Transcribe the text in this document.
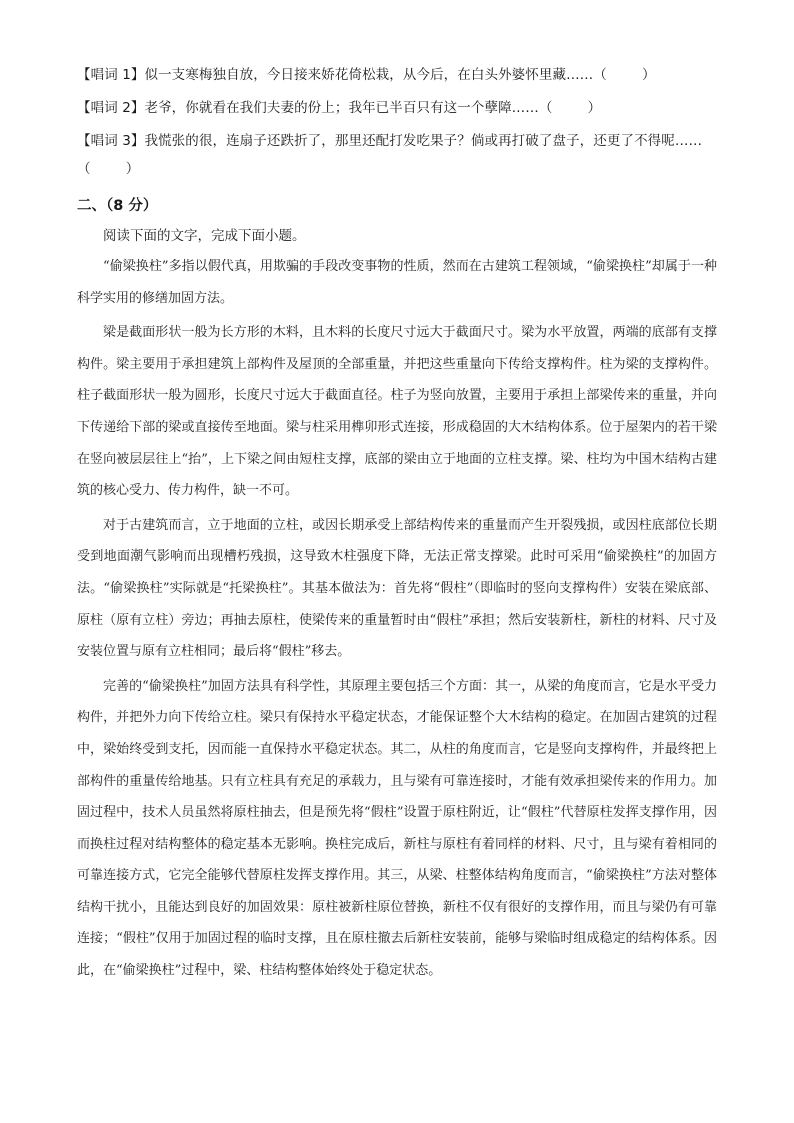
【唱词 1】似一支寒梅独自放，今日接来娇花倚松栽，从今后，在白头外婆怀里藏……（	）
【唱词 2】老爷，你就看在我们夫妻的份上；我年已半百只有这一个孽障……（	）
【唱词 3】我慌张的很，连扇子还跌折了，那里还配打发吃果子？倘或再打破了盘子，还更了不得呢……
（	）
二、（8 分）
阅读下面的文字，完成下面小题。

“偷梁换柱”多指以假代真，用欺骗的手段改变事物的性质，然而在古建筑工程领域，“偷梁换柱”却属于一种科学实用的修缮加固方法。

梁是截面形状一般为长方形的木料，且木料的长度尺寸远大于截面尺寸。梁为水平放置，两端的底部有支撑构件。梁主要用于承担建筑上部构件及屋顶的全部重量，并把这些重量向下传给支撑构件。柱为梁的支撑构件。柱子截面形状一般为圆形，长度尺寸远大于截面直径。柱子为竖向放置，主要用于承担上部梁传来的重量，并向下传递给下部的梁或直接传至地面。梁与柱采用榫卯形式连接，形成稳固的大木结构体系。位于屋架内的若干梁在竖向被层层往上“抬”，上下梁之间由短柱支撑，底部的梁由立于地面的立柱支撑。梁、柱均为中国木结构古建筑的核心受力、传力构件，缺一不可。

对于古建筑而言，立于地面的立柱，或因长期承受上部结构传来的重量而产生开裂残损，或因柱底部位长期受到地面潮气影响而出现槽朽残损，这导致木柱强度下降，无法正常支撑梁。此时可采用“偷梁换柱”的加固方法。“偷梁换柱”实际就是“托梁换柱”。其基本做法为：首先将“假柱”（即临时的竖向支撑构件）安装在梁底部、原柱（原有立柱）旁边；再抽去原柱，使梁传来的重量暂时由“假柱”承担；然后安装新柱，新柱的材料、尺寸及安装位置与原有立柱相同；最后将“假柱”移去。

完善的“偷梁换柱”加固方法具有科学性，其原理主要包括三个方面：其一，从梁的角度而言，它是水平受力构件，并把外力向下传给立柱。梁只有保持水平稳定状态，才能保证整个大木结构的稳定。在加固古建筑的过程中，梁始终受到支托，因而能一直保持水平稳定状态。其二，从柱的角度而言，它是竖向支撑构件，并最终把上部构件的重量传给地基。只有立柱具有充足的承载力，且与梁有可靠连接时，才能有效承担梁传来的作用力。加固过程中，技术人员虽然将原柱抽去，但是预先将“假柱”设置于原柱附近，让“假柱”代替原柱发挥支撑作用，因而换柱过程对结构整体的稳定基本无影响。换柱完成后，新柱与原柱有着同样的材料、尺寸，且与梁有着相同的可靠连接方式，它完全能够代替原柱发挥支撑作用。其三，从梁、柱整体结构角度而言，“偷梁换柱”方法对整体结构干扰小，且能达到良好的加固效果：原柱被新柱原位替换，新柱不仅有很好的支撑作用，而且与梁仍有可靠连接；“假柱”仅用于加固过程的临时支撑，且在原柱撤去后新柱安装前，能够与梁临时组成稳定的结构体系。因此，在“偷梁换柱”过程中，梁、柱结构整体始终处于稳定状态。
